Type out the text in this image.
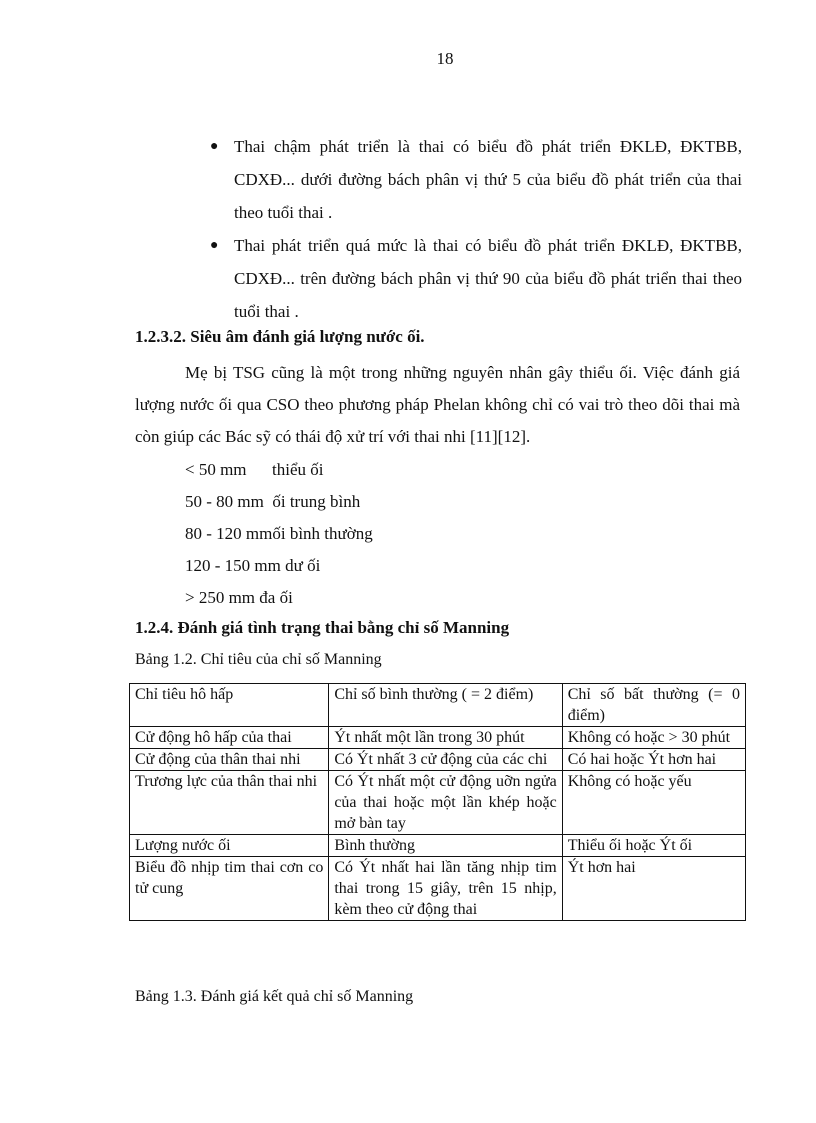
18
● Thai chậm phát triển là thai có biểu đồ phát triển ĐKLĐ, ĐKTBB, CDXĐ... dưới đường bách phân vị thứ 5 của biểu đồ phát triển của thai theo tuổi thai .
● Thai phát triển quá mức là thai có biểu đồ phát triển ĐKLĐ, ĐKTBB, CDXĐ... trên đường bách phân vị thứ 90 của biểu đồ phát triển thai theo tuổi thai .
1.2.3.2. Siêu âm đánh giá lượng nước ối.
Mẹ bị TSG cũng là một trong những nguyên nhân gây thiểu ối. Việc đánh giá lượng nước ối qua CSO theo phương pháp Phelan không chỉ có vai trò theo dõi thai mà còn giúp các Bác sỹ có thái độ xử trí với thai nhi [11][12].
< 50 mm      thiểu ối
50 - 80 mm  ối trung bình
80 - 120 mmối bình thường
120 - 150 mm dư ối
> 250 mm đa ối
1.2.4. Đánh giá tình trạng thai bằng chỉ số Manning
Bảng 1.2. Chỉ tiêu của chỉ số Manning
Chỉ tiêu hô hấp	Chỉ số bình thường ( = 2 điểm)	Chỉ số bất thường (= 0 điểm)
Cử động hô hấp của thai	Ýt nhất một lần trong 30 phút	Không có hoặc > 30 phút
Cử động của thân thai nhi	Có Ýt nhất 3 cử động của các chi	Có hai hoặc Ýt hơn hai
Trương lực của thân thai nhi	Có Ýt nhất một cử động uỡn ngửa của thai hoặc một lần khép hoặc mở bàn tay	Không có hoặc yếu
Lượng nước ối	Bình thường	Thiểu ối hoặc Ýt ối
Biểu đồ nhịp tim thai cơn co tử cung	Có Ýt nhất hai lần tăng nhịp tim thai trong 15 giây, trên 15 nhịp, kèm theo cử động thai	Ýt hơn hai
Bảng 1.3. Đánh giá kết quả chỉ số Manning
